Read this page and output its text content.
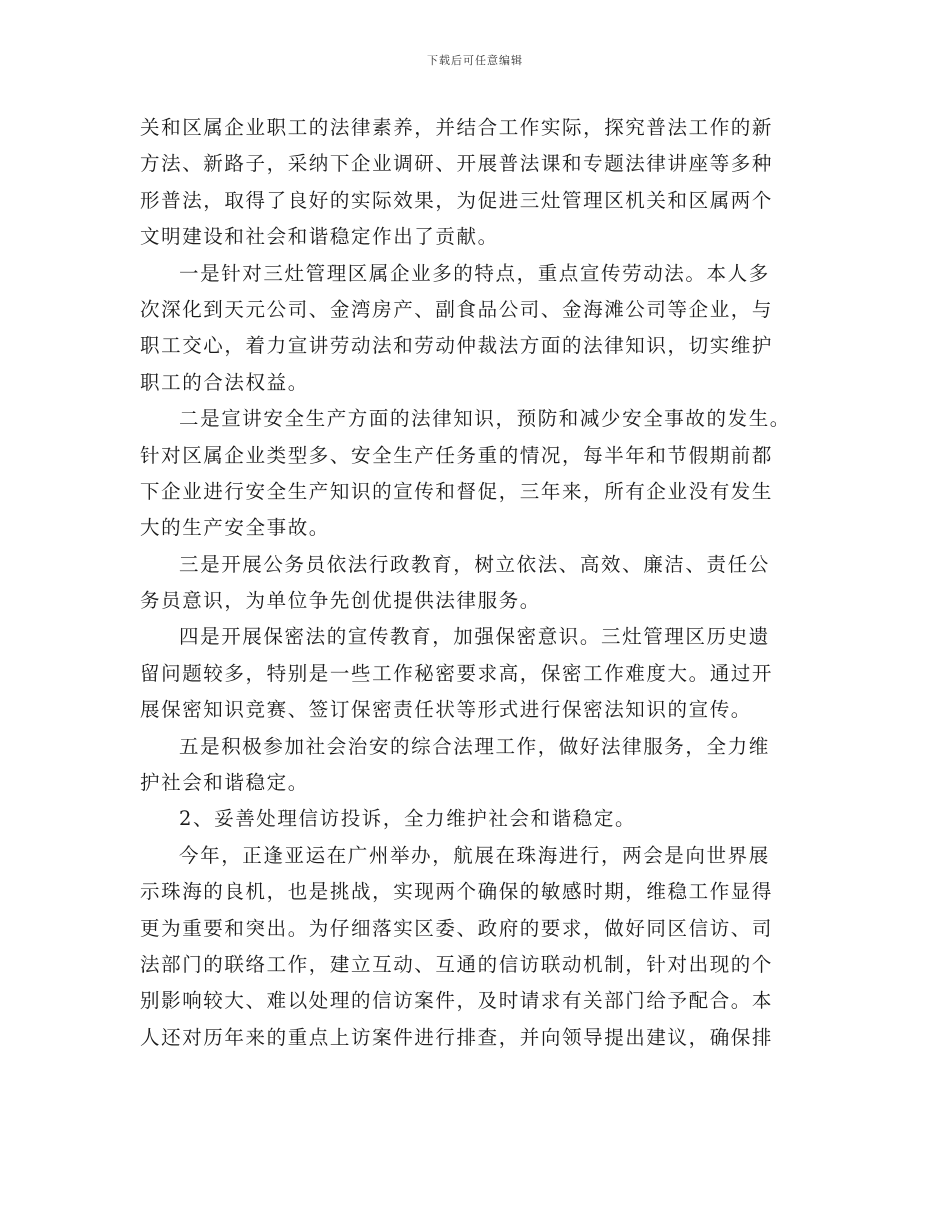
下载后可任意编辑
关和区属企业职工的法律素养，并结合工作实际，探究普法工作的新
方法、新路子，采纳下企业调研、开展普法课和专题法律讲座等多种
形普法，取得了良好的实际效果，为促进三灶管理区机关和区属两个
文明建设和社会和谐稳定作出了贡献。
一是针对三灶管理区属企业多的特点，重点宣传劳动法。本人多
次深化到天元公司、金湾房产、副食品公司、金海滩公司等企业，与
职工交心，着力宣讲劳动法和劳动仲裁法方面的法律知识，切实维护
职工的合法权益。
二是宣讲安全生产方面的法律知识，预防和减少安全事故的发生。
针对区属企业类型多、安全生产任务重的情况，每半年和节假期前都
下企业进行安全生产知识的宣传和督促，三年来，所有企业没有发生
大的生产安全事故。
三是开展公务员依法行政教育，树立依法、高效、廉洁、责任公
务员意识，为单位争先创优提供法律服务。
四是开展保密法的宣传教育，加强保密意识。三灶管理区历史遗
留问题较多，特别是一些工作秘密要求高，保密工作难度大。通过开
展保密知识竞赛、签订保密责任状等形式进行保密法知识的宣传。
五是积极参加社会治安的综合法理工作，做好法律服务，全力维
护社会和谐稳定。
2、妥善处理信访投诉，全力维护社会和谐稳定。
今年，正逢亚运在广州举办，航展在珠海进行，两会是向世界展
示珠海的良机，也是挑战，实现两个确保的敏感时期，维稳工作显得
更为重要和突出。为仔细落实区委、政府的要求，做好同区信访、司
法部门的联络工作，建立互动、互通的信访联动机制，针对出现的个
别影响较大、难以处理的信访案件，及时请求有关部门给予配合。本
人还对历年来的重点上访案件进行排查，并向领导提出建议，确保排
